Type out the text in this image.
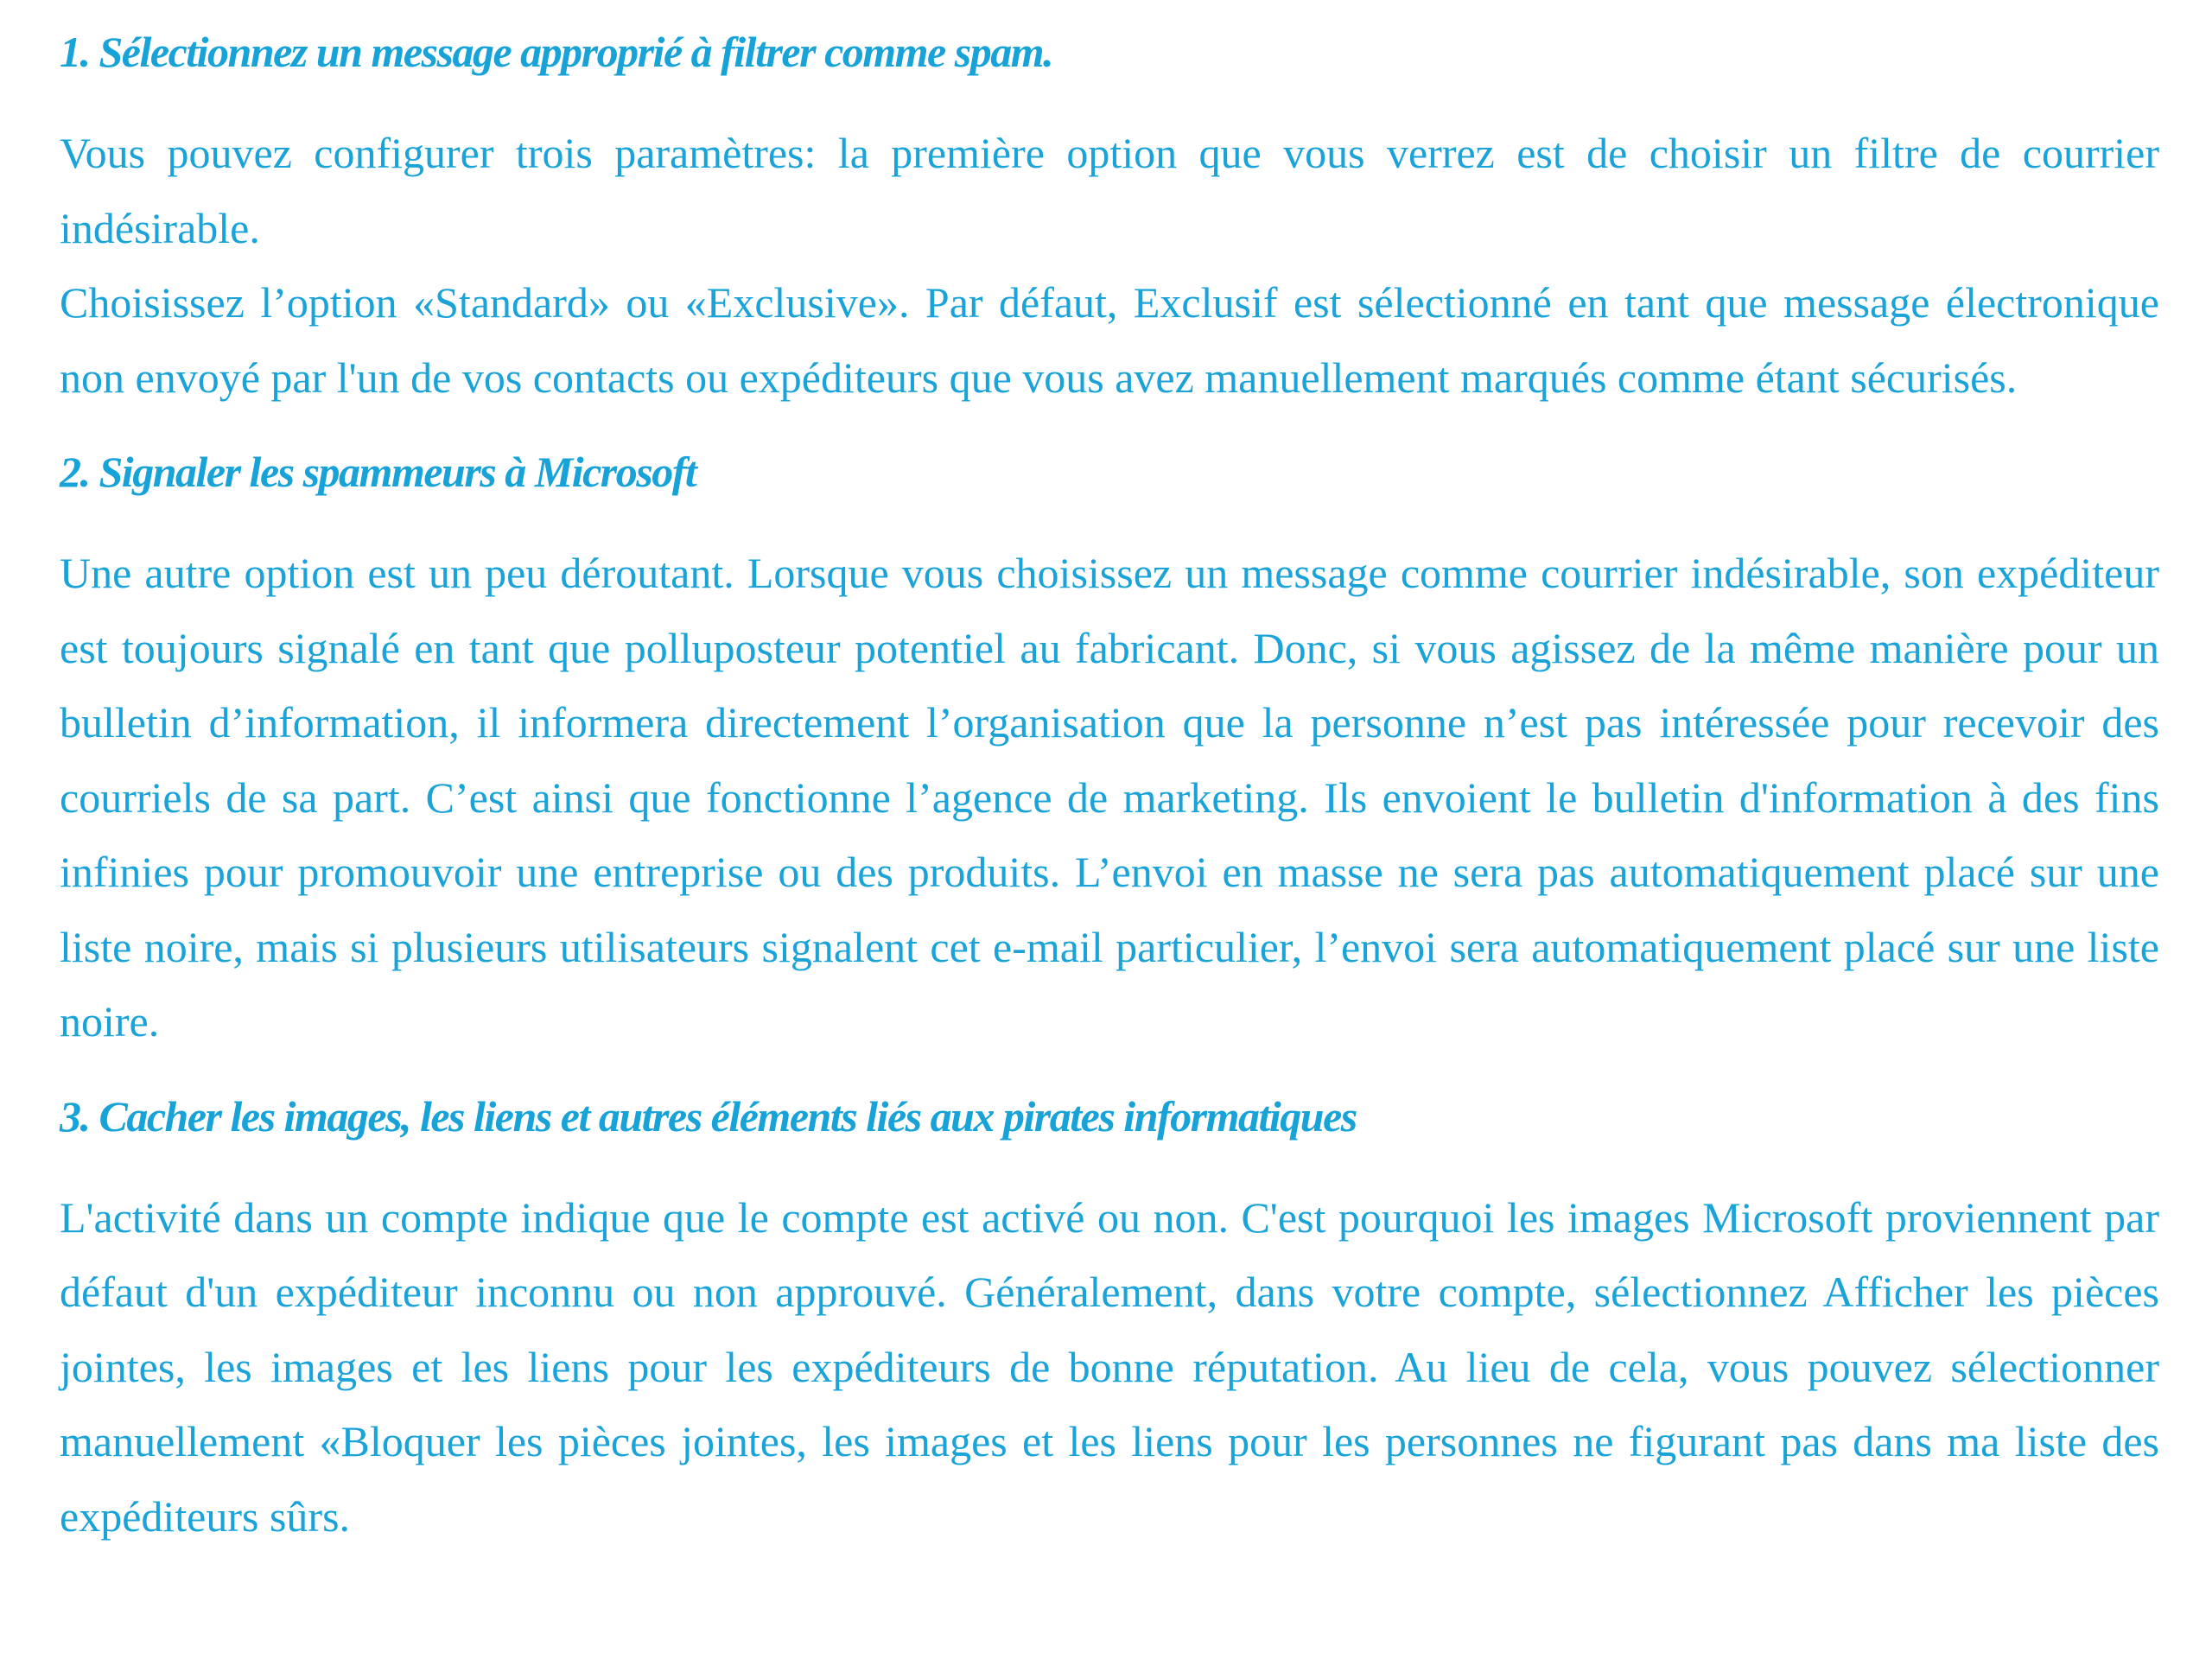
1. Sélectionnez un message approprié à filtrer comme spam.

Vous pouvez configurer trois paramètres: la première option que vous verrez est de choisir un filtre de courrier indésirable.

Choisissez l’option «Standard» ou «Exclusive». Par défaut, Exclusif est sélectionné en tant que message électronique non envoyé par l'un de vos contacts ou expéditeurs que vous avez manuellement marqués comme étant sécurisés.

2. Signaler les spammeurs à Microsoft

Une autre option est un peu déroutant. Lorsque vous choisissez un message comme courrier indésirable, son expéditeur est toujours signalé en tant que polluposteur potentiel au fabricant. Donc, si vous agissez de la même manière pour un bulletin d’information, il informera directement l’organisation que la personne n’est pas intéressée pour recevoir des courriels de sa part. C’est ainsi que fonctionne l’agence de marketing. Ils envoient le bulletin d'information à des fins infinies pour promouvoir une entreprise ou des produits. L’envoi en masse ne sera pas automatiquement placé sur une liste noire, mais si plusieurs utilisateurs signalent cet e-mail particulier, l’envoi sera automatiquement placé sur une liste noire.

3. Cacher les images, les liens et autres éléments liés aux pirates informatiques

L'activité dans un compte indique que le compte est activé ou non. C'est pourquoi les images Microsoft proviennent par défaut d'un expéditeur inconnu ou non approuvé. Généralement, dans votre compte, sélectionnez Afficher les pièces jointes, les images et les liens pour les expéditeurs de bonne réputation. Au lieu de cela, vous pouvez sélectionner manuellement «Bloquer les pièces jointes, les images et les liens pour les personnes ne figurant pas dans ma liste des expéditeurs sûrs.
